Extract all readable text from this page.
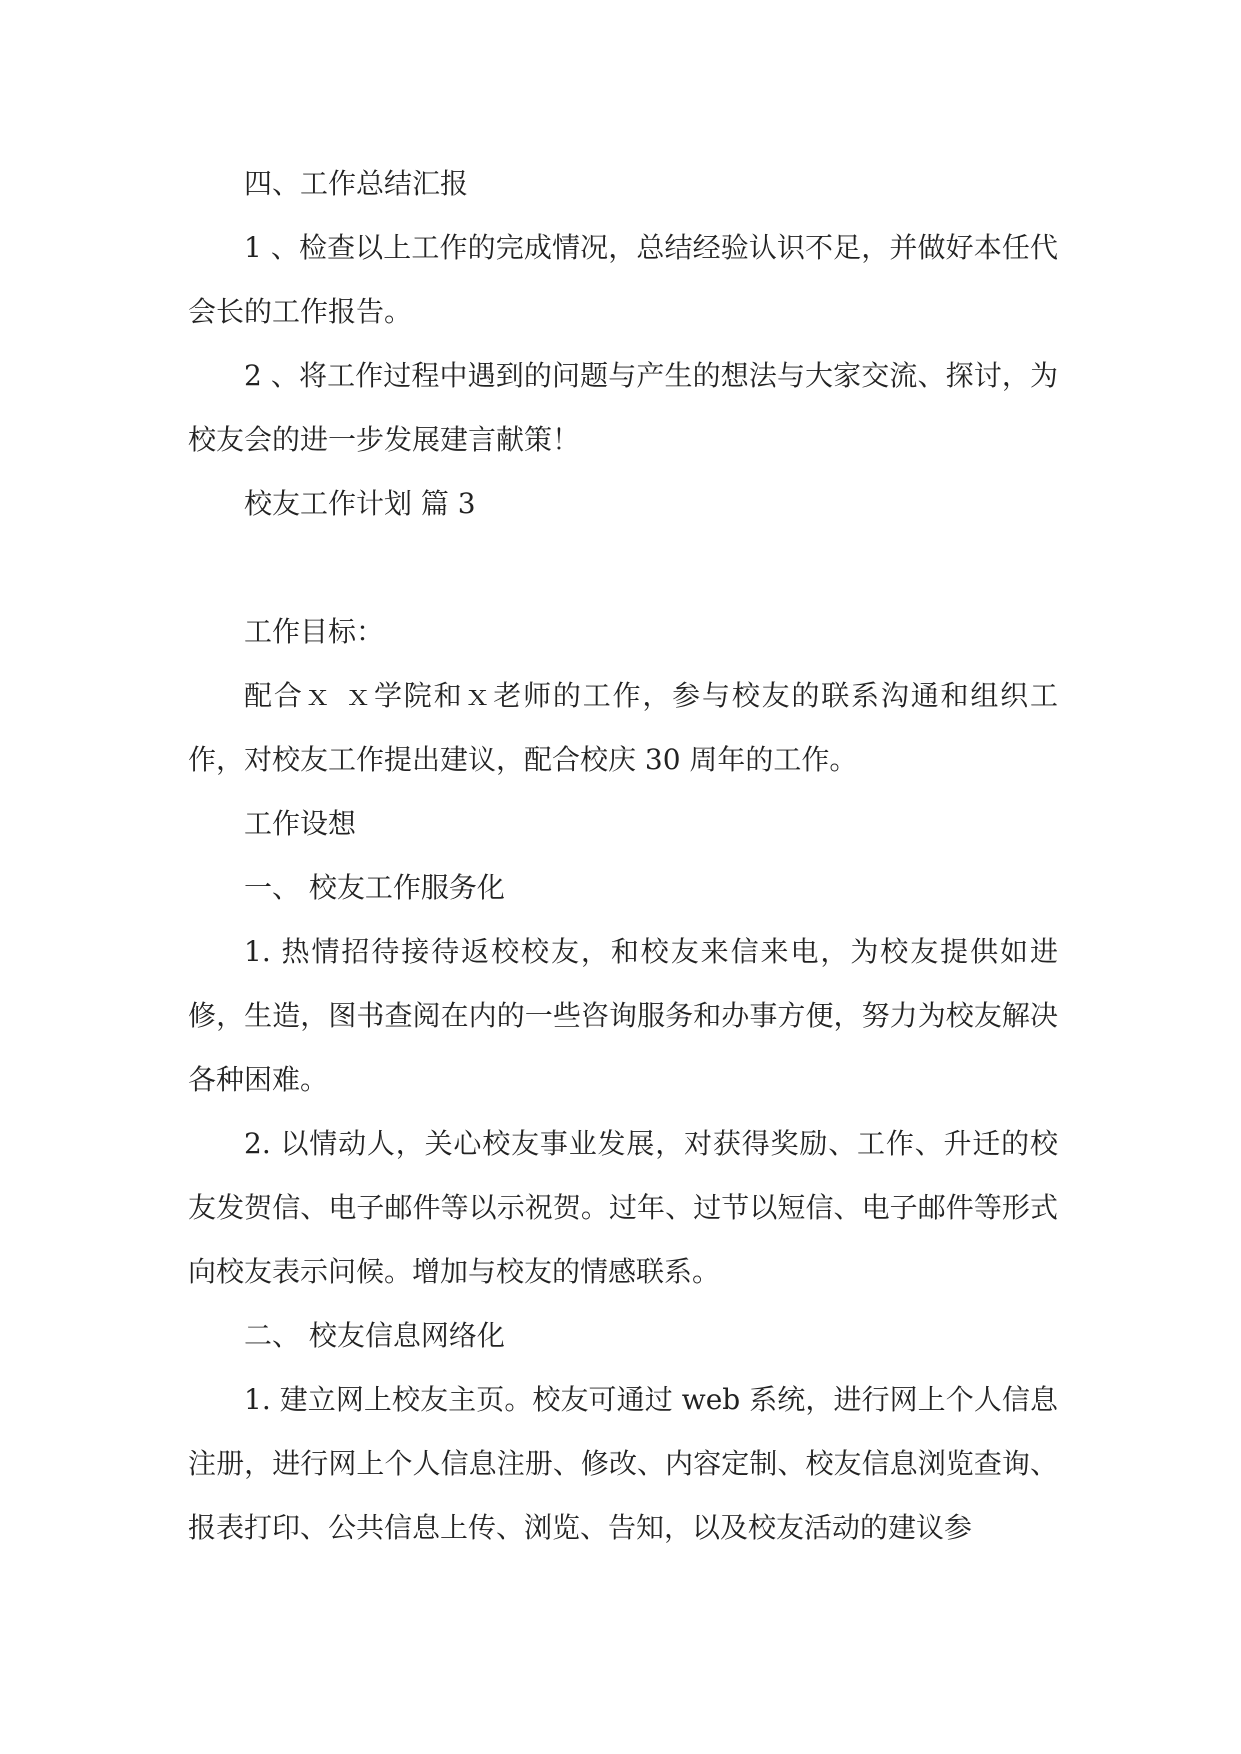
四、工作总结汇报

1 、检查以上工作的完成情况，总结经验认识不足，并做好本任代会长的工作报告。

2 、将工作过程中遇到的问题与产生的想法与大家交流、探讨，为校友会的进一步发展建言献策！

校友工作计划 篇 3

工作目标：

配合ｘ ｘ学院和ｘ老师的工作，参与校友的联系沟通和组织工作，对校友工作提出建议，配合校庆 30 周年的工作。

工作设想

一、 校友工作服务化

1. 热情招待接待返校校友，和校友来信来电，为校友提供如进修，生造，图书查阅在内的一些咨询服务和办事方便，努力为校友解决各种困难。

2. 以情动人，关心校友事业发展，对获得奖励、工作、升迁的校友发贺信、电子邮件等以示祝贺。过年、过节以短信、电子邮件等形式向校友表示问候。增加与校友的情感联系。

二、 校友信息网络化

1. 建立网上校友主页。校友可通过 web 系统，进行网上个人信息注册，进行网上个人信息注册、修改、内容定制、校友信息浏览查询、报表打印、公共信息上传、浏览、告知，以及校友活动的建议参
